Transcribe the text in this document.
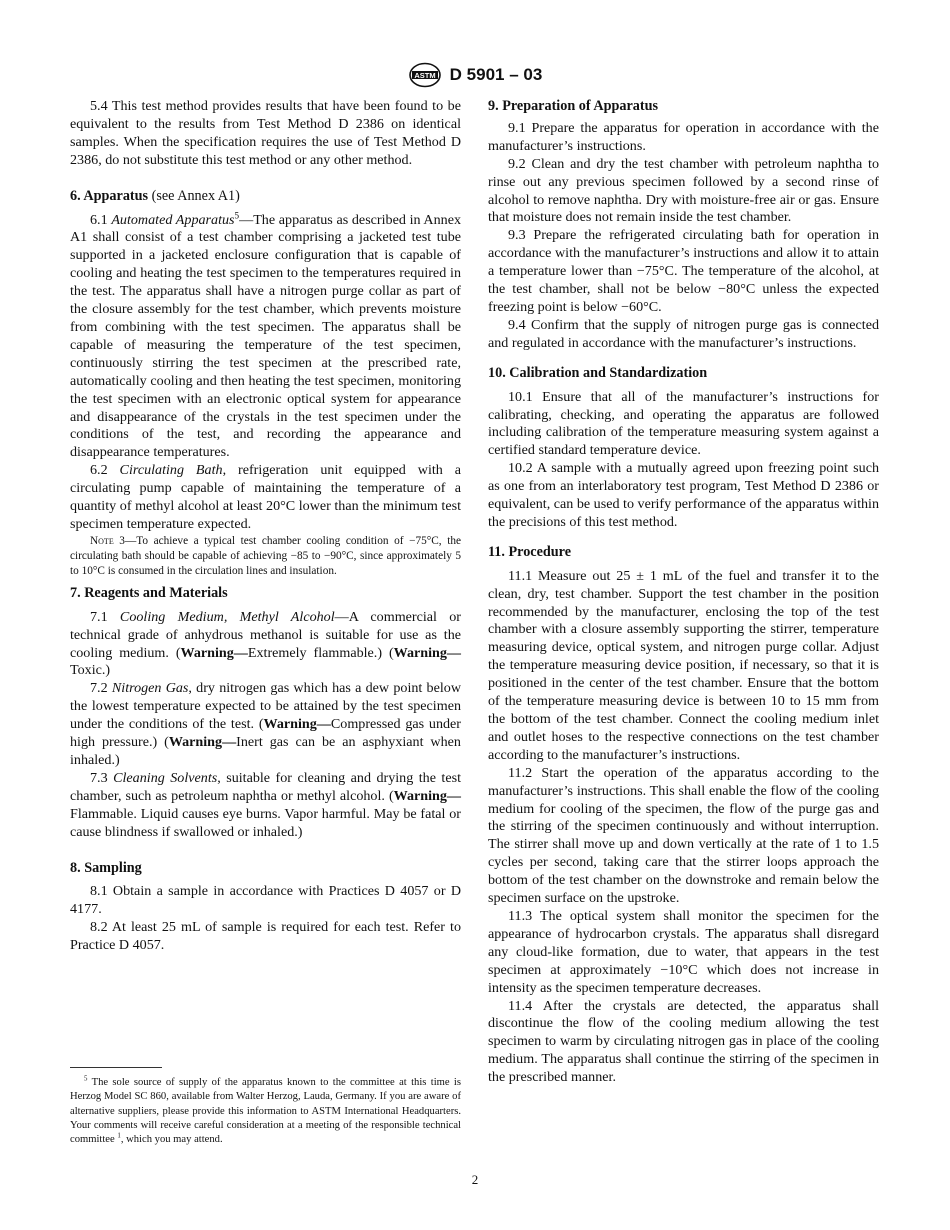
ASTM D 5901 – 03

5.4 This test method provides results that have been found to be equivalent to the results from Test Method D 2386 on identical samples. When the specification requires the use of Test Method D 2386, do not substitute this test method or any other method.

6. Apparatus (see Annex A1)

6.1 Automated Apparatus$^5$—The apparatus as described in Annex A1 shall consist of a test chamber comprising a jacketed test tube supported in a jacketed enclosure configuration that is capable of cooling and heating the test specimen to the temperatures required in the test. The apparatus shall have a nitrogen purge collar as part of the closure assembly for the test chamber, which prevents moisture from combining with the test specimen. The apparatus shall be capable of measuring the temperature of the test specimen, continuously stirring the test specimen at the prescribed rate, automatically cooling and then heating the test specimen, monitoring the test specimen with an electronic optical system for appearance and disappearance of the crystals in the test specimen under the conditions of the test, and recording the appearance and disappearance temperatures.

6.2 Circulating Bath, refrigeration unit equipped with a circulating pump capable of maintaining the temperature of a quantity of methyl alcohol at least 20°C lower than the minimum test specimen temperature expected.

Note 3—To achieve a typical test chamber cooling condition of −75°C, the circulating bath should be capable of achieving −85 to −90°C, since approximately 5 to 10°C is consumed in the circulation lines and insulation.

7. Reagents and Materials

7.1 Cooling Medium, Methyl Alcohol—A commercial or technical grade of anhydrous methanol is suitable for use as the cooling medium. (Warning—Extremely flammable.) (Warning—Toxic.)

7.2 Nitrogen Gas, dry nitrogen gas which has a dew point below the lowest temperature expected to be attained by the test specimen under the conditions of the test. (Warning—Compressed gas under high pressure.) (Warning—Inert gas can be an asphyxiant when inhaled.)

7.3 Cleaning Solvents, suitable for cleaning and drying the test chamber, such as petroleum naphtha or methyl alcohol. (Warning—Flammable. Liquid causes eye burns. Vapor harmful. May be fatal or cause blindness if swallowed or inhaled.)

8. Sampling

8.1 Obtain a sample in accordance with Practices D 4057 or D 4177.

8.2 At least 25 mL of sample is required for each test. Refer to Practice D 4057.

$^5$ The sole source of supply of the apparatus known to the committee at this time is Herzog Model SC 860, available from Walter Herzog, Lauda, Germany. If you are aware of alternative suppliers, please provide this information to ASTM International Headquarters. Your comments will receive careful consideration at a meeting of the responsible technical committee $^1$, which you may attend.
9. Preparation of Apparatus

9.1 Prepare the apparatus for operation in accordance with the manufacturer’s instructions.

9.2 Clean and dry the test chamber with petroleum naphtha to rinse out any previous specimen followed by a second rinse of alcohol to remove naphtha. Dry with moisture-free air or gas. Ensure that moisture does not remain inside the test chamber.

9.3 Prepare the refrigerated circulating bath for operation in accordance with the manufacturer’s instructions and allow it to attain a temperature lower than −75°C. The temperature of the alcohol, at the test chamber, shall not be below −80°C unless the expected freezing point is below −60°C.

9.4 Confirm that the supply of nitrogen purge gas is connected and regulated in accordance with the manufacturer’s instructions.

10. Calibration and Standardization

10.1 Ensure that all of the manufacturer’s instructions for calibrating, checking, and operating the apparatus are followed including calibration of the temperature measuring system against a certified standard temperature device.

10.2 A sample with a mutually agreed upon freezing point such as one from an interlaboratory test program, Test Method D 2386 or equivalent, can be used to verify performance of the apparatus within the precisions of this test method.

11. Procedure

11.1 Measure out 25 ± 1 mL of the fuel and transfer it to the clean, dry, test chamber. Support the test chamber in the position recommended by the manufacturer, enclosing the top of the test chamber with a closure assembly supporting the stirrer, temperature measuring device, optical system, and nitrogen purge collar. Adjust the temperature measuring device position, if necessary, so that it is positioned in the center of the test chamber. Ensure that the bottom of the temperature measuring device is between 10 to 15 mm from the bottom of the test chamber. Connect the cooling medium inlet and outlet hoses to the respective connections on the test chamber according to the manufacturer’s instructions.

11.2 Start the operation of the apparatus according to the manufacturer’s instructions. This shall enable the flow of the cooling medium for cooling of the specimen, the flow of the purge gas and the stirring of the specimen continuously and without interruption. The stirrer shall move up and down vertically at the rate of 1 to 1.5 cycles per second, taking care that the stirrer loops approach the bottom of the test chamber on the downstroke and remain below the specimen surface on the upstroke.

11.3 The optical system shall monitor the specimen for the appearance of hydrocarbon crystals. The apparatus shall disregard any cloud-like formation, due to water, that appears in the test specimen at approximately −10°C which does not increase in intensity as the specimen temperature decreases.

11.4 After the crystals are detected, the apparatus shall discontinue the flow of the cooling medium allowing the test specimen to warm by circulating nitrogen gas in place of the cooling medium. The apparatus shall continue the stirring of the specimen in the prescribed manner.

2
